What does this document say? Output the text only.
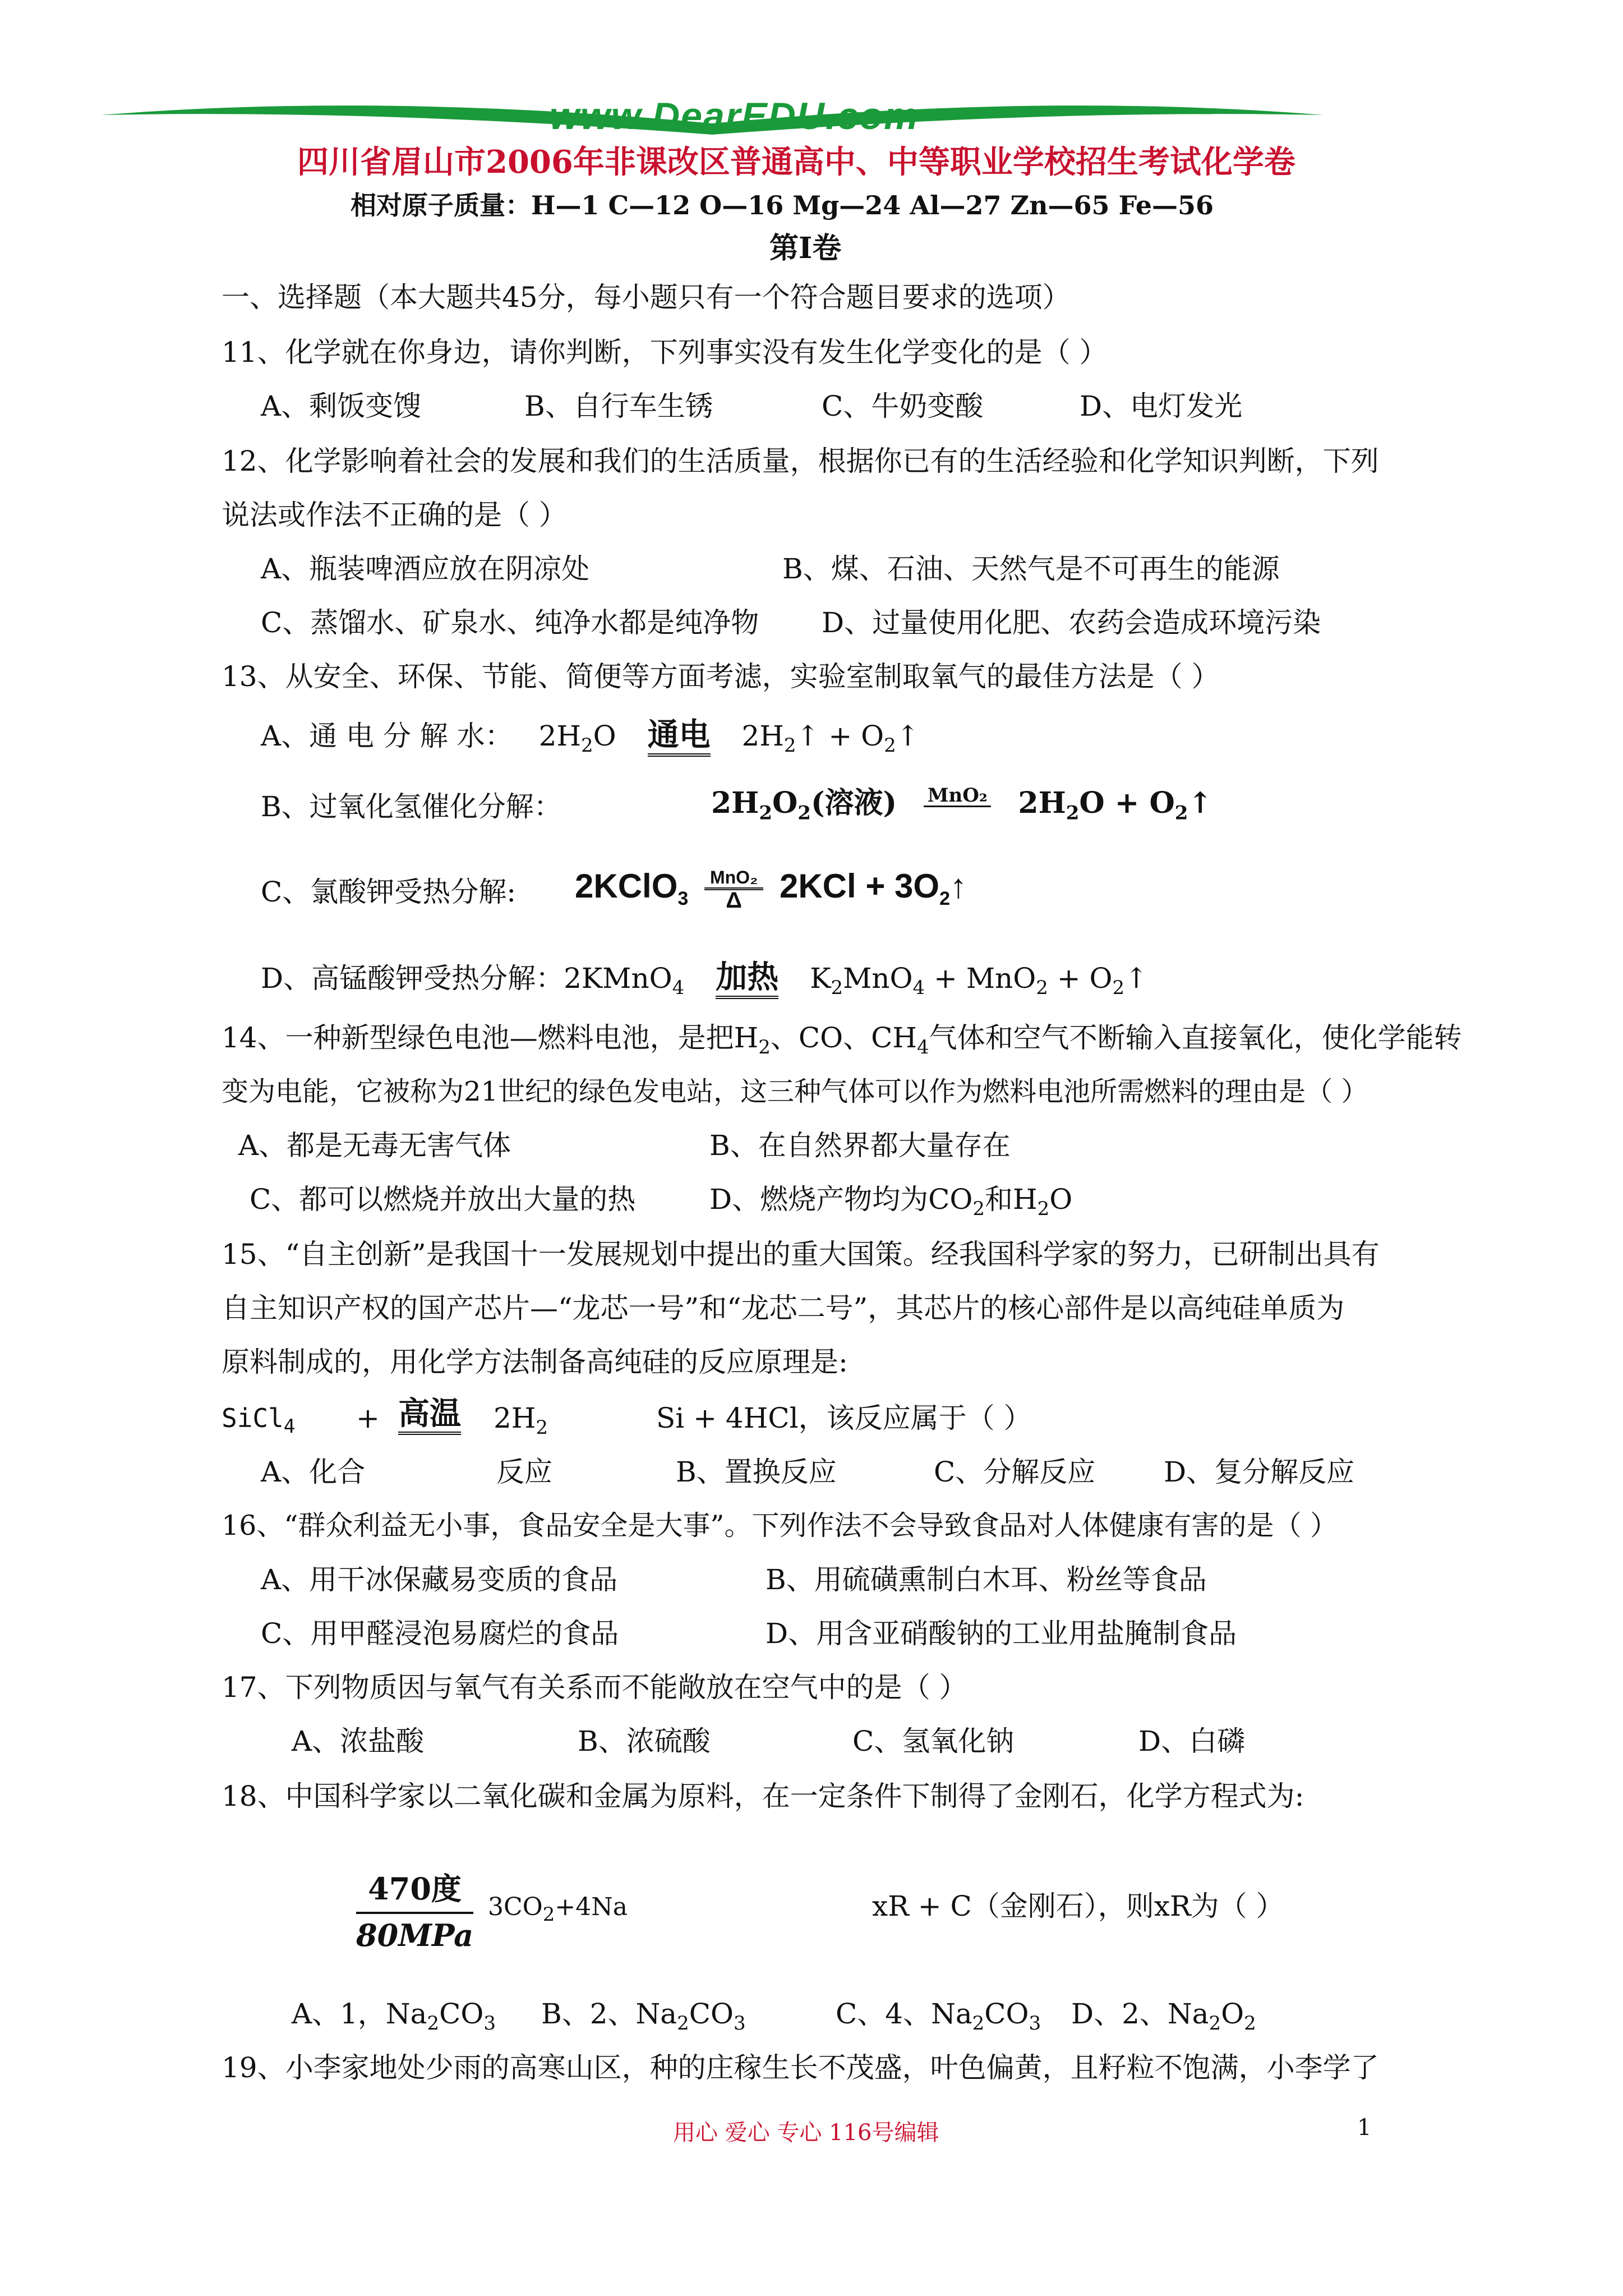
www.DearEDU.com
四川省眉山市2006年非课改区普通高中、中等职业学校招生考试化学卷
相对原子质量：H—1 C—12 O—16 Mg—24 Al—27 Zn—65 Fe—56
第Ⅰ卷
一、选择题（本大题共45分，每小题只有一个符合题目要求的选项）
11、化学就在你身边，请你判断，下列事实没有发生化学变化的是（ ）
A、剩饭变馊	B、自行车生锈	C、牛奶变酸	D、电灯发光
12、化学影响着社会的发展和我们的生活质量，根据你已有的生活经验和化学知识判断，下列
说法或作法不正确的是（ ）
A、瓶装啤酒应放在阴凉处	B、煤、石油、天然气是不可再生的能源
C、蒸馏水、矿泉水、纯净水都是纯净物 D、过量使用化肥、农药会造成环境污染
13、从安全、环保、节能、简便等方面考滤，实验室制取氧气的最佳方法是（ ）
A、通 电 分 解 水： $2H_2O$ 通电 $2H_2↑$ + $O_2↑$
B、过氧化氢催化分解：	$2H_2O_2$(溶液) MnO₂ $2H_2O$ + $O_2↑$
C、氯酸钾受热分解: 2KClO$_3$
MnO₂
Δ	$2KCl + 3O_2↑$
D、高锰酸钾受热分解：2KMnO$_4$ 加热 $K_2MnO_4 + MnO_2$ + $O_2↑$
14、一种新型绿色电池—燃料电池，是把$H_2$、CO、$CH_4$气体和空气不断输入直接氧化，使化学能转
变为电能，它被称为21世纪的绿色发电站，这三种气体可以作为燃料电池所需燃料的理由是（ ）
A、都是无毒无害气体	B、在自然界都大量存在
C、都可以燃烧并放出大量的热	D、燃烧产物均为$CO_2$和$H_2O$
15、“自主创新”是我国十一发展规划中提出的重大国策。经我国科学家的努力，已研制出具有
自主知识产权的国产芯片—“龙芯一号”和“龙芯二号”，其芯片的核心部件是以高纯硅单质为
原料制成的，用化学方法制备高纯硅的反应原理是:
SiCl$_4$ + 高温 $2H_2$	Si + 4HCl，该反应属于（ ）
A、化合	反应	B、置换反应	C、分解反应 D、复分解反应
16、“群众利益无小事，食品安全是大事”。下列作法不会导致食品对人体健康有害的是（ ）
A、用干冰保藏易变质的食品	B、用硫磺熏制白木耳、粉丝等食品
C、用甲醛浸泡易腐烂的食品	D、用含亚硝酸钠的工业用盐腌制食品
17、下列物质因与氧气有关系而不能敞放在空气中的是（ ）
A、浓盐酸	B、浓硫酸	C、氢氧化钠	D、白磷
18、中国科学家以二氧化碳和金属为原料，在一定条件下制得了金刚石，化学方程式为:
470度
80MPa
$3CO_2+4Na$	xR + C（金刚石），则xR为（ ）
A、1，$Na_2CO_3$ B、2、$Na_2CO_3$	C、4、$Na_2CO_3$ D、2、$Na_2O_2$
19、小李家地处少雨的高寒山区，种的庄稼生长不茂盛，叶色偏黄，且籽粒不饱满，小李学了
用心 爱心 专心 116号编辑	1
